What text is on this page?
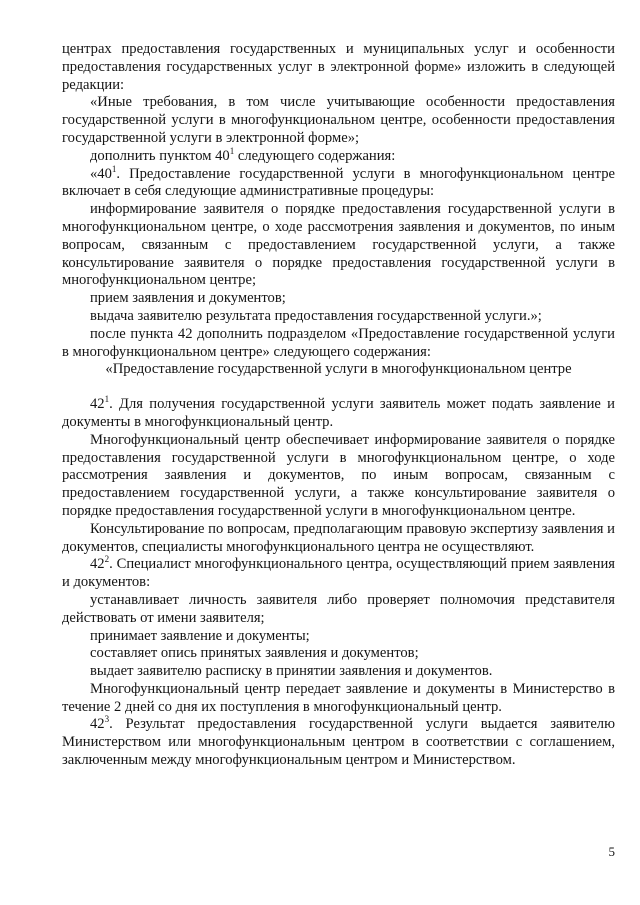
центрах предоставления государственных и муниципальных услуг и особенности предоставления государственных услуг в электронной форме» изложить в следующей редакции:

«Иные требования, в том числе учитывающие особенности предоставления государственной услуги в многофункциональном центре, особенности предоставления государственной услуги в электронной форме»;

дополнить пунктом $40^1$ следующего содержания:

«$40^1$. Предоставление государственной услуги в многофункциональном центре включает в себя следующие административные процедуры:

информирование заявителя о порядке предоставления государственной услуги в многофункциональном центре, о ходе рассмотрения заявления и документов, по иным вопросам, связанным с предоставлением государственной услуги, а также консультирование заявителя о порядке предоставления государственной услуги в многофункциональном центре;

прием заявления и документов;

выдача заявителю результата предоставления государственной услуги.»;

после пункта 42 дополнить подразделом «Предоставление государственной услуги в многофункциональном центре» следующего содержания:

«Предоставление государственной услуги в многофункциональном центре

$42^1$. Для получения государственной услуги заявитель может подать заявление и документы в многофункциональный центр.

Многофункциональный центр обеспечивает информирование заявителя о порядке предоставления государственной услуги в многофункциональном центре, о ходе рассмотрения заявления и документов, по иным вопросам, связанным с предоставлением государственной услуги, а также консультирование заявителя о порядке предоставления государственной услуги в многофункциональном центре.

Консультирование по вопросам, предполагающим правовую экспертизу заявления и документов, специалисты многофункционального центра не осуществляют.

$42^2$. Специалист многофункционального центра, осуществляющий прием заявления и документов:

устанавливает личность заявителя либо проверяет полномочия представителя действовать от имени заявителя;

принимает заявление и документы;

составляет опись принятых заявления и документов;

выдает заявителю расписку в принятии заявления и документов.

Многофункциональный центр передает заявление и документы в Министерство в течение 2 дней со дня их поступления в многофункциональный центр.

$42^3$. Результат предоставления государственной услуги выдается заявителю Министерством или многофункциональным центром в соответствии с соглашением, заключенным между многофункциональным центром и Министерством.

5
